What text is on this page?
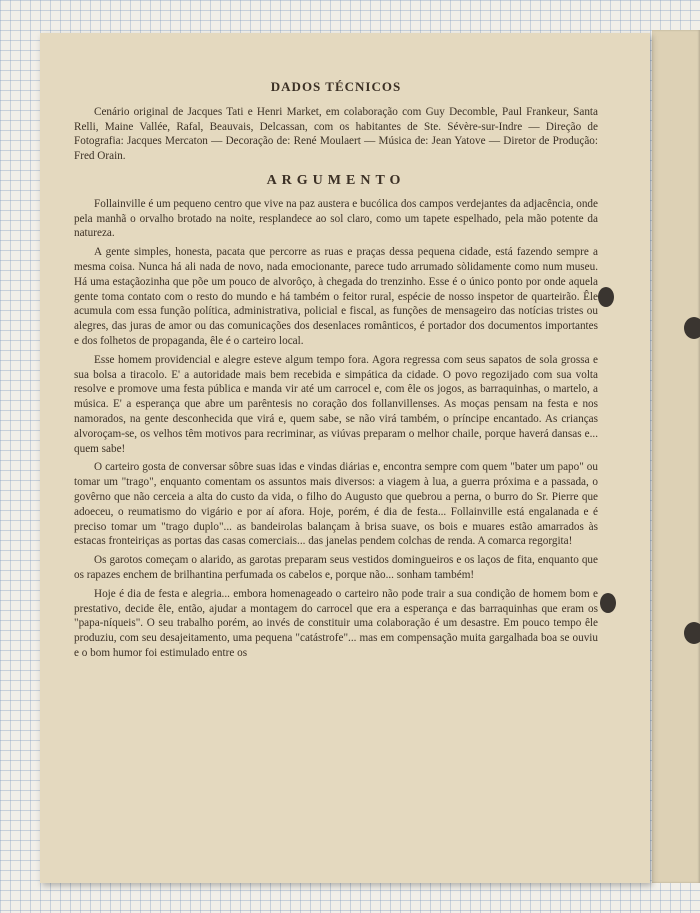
DADOS TÉCNICOS

Cenário original de Jacques Tati e Henri Market, em colaboração com Guy Decomble, Paul Frankeur, Santa Relli, Maine Vallée, Rafal, Beauvais, Delcassan, com os habitantes de Ste. Sévère-sur-Indre — Direção de Fotografia: Jacques Mercaton — Decoração de: René Moulaert — Música de: Jean Yatove — Diretor de Produção: Fred Orain.

ARGUMENTO

Follainville é um pequeno centro que vive na paz austera e bucólica dos campos verdejantes da adjacência, onde pela manhã o orvalho brotado na noite, resplandece ao sol claro, como um tapete espelhado, pela mão potente da natureza.

A gente simples, honesta, pacata que percorre as ruas e praças dessa pequena cidade, está fazendo sempre a mesma coisa. Nunca há ali nada de novo, nada emocionante, parece tudo arrumado sòlidamente como num museu. Há uma estaçãozinha que põe um pouco de alvorôço, à chegada do trenzinho. Esse é o único ponto por onde aquela gente toma contato com o resto do mundo e há também o feitor rural, espécie de nosso inspetor de quarteirão. Êle acumula com essa função política, administrativa, policial e fiscal, as funções de mensageiro das notícias tristes ou alegres, das juras de amor ou das comunicações dos desenlaces românticos, é portador dos documentos importantes e dos folhetos de propaganda, êle é o carteiro local.

Esse homem providencial e alegre esteve algum tempo fora. Agora regressa com seus sapatos de sola grossa e sua bolsa a tiracolo. E' a autoridade mais bem recebida e simpática da cidade. O povo regozijado com sua volta resolve e promove uma festa pública e manda vir até um carrocel e, com êle os jogos, as barraquinhas, o martelo, a música. E' a esperança que abre um parêntesis no coração dos follanvillenses. As moças pensam na festa e nos namorados, na gente desconhecida que virá e, quem sabe, se não virá também, o príncipe encantado. As crianças alvoroçam-se, os velhos têm motivos para recriminar, as viúvas preparam o melhor chaile, porque haverá dansas e... quem sabe!

O carteiro gosta de conversar sôbre suas idas e vindas diárias e, encontra sempre com quem "bater um papo" ou tomar um "trago", enquanto comentam os assuntos mais diversos: a viagem à lua, a guerra próxima e a passada, o govêrno que não cerceia a alta do custo da vida, o filho do Augusto que quebrou a perna, o burro do Sr. Pierre que adoeceu, o reumatismo do vigário e por aí afora. Hoje, porém, é dia de festa... Follainville está engalanada e é preciso tomar um "trago duplo"... as bandeirolas balançam à brisa suave, os bois e muares estão amarrados às estacas fronteiriças as portas das casas comerciais... das janelas pendem colchas de renda. A comarca regorgita!

Os garotos começam o alarido, as garotas preparam seus vestidos domingueiros e os laços de fita, enquanto que os rapazes enchem de brilhantina perfumada os cabelos e, porque não... sonham também!

Hoje é dia de festa e alegria... embora homenageado o carteiro não pode trair a sua condição de homem bom e prestativo, decide êle, então, ajudar a montagem do carrocel que era a esperança e das barraquinhas que eram os "papa-níqueis". O seu trabalho porém, ao invés de constituir uma colaboração é um desastre. Em pouco tempo êle produziu, com seu desajeitamento, uma pequena "catástrofe"... mas em compensação muita gargalhada boa se ouviu e o bom humor foi estimulado entre os
